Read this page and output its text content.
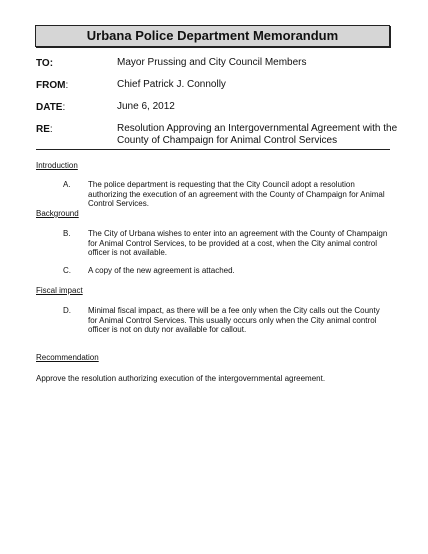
Urbana Police Department Memorandum
TO:	Mayor Prussing and City Council Members
FROM:	Chief Patrick J. Connolly
DATE:	June 6, 2012
RE:	Resolution Approving an Intergovernmental Agreement with the
County of Champaign for Animal Control Services
Introduction
A. The police department is requesting that the City Council adopt a resolution authorizing the execution of an agreement with the County of Champaign for Animal Control Services.
Background
B. The City of Urbana wishes to enter into an agreement with the County of Champaign for Animal Control Services, to be provided at a cost, when the City animal control officer is not available.
C. A copy of the new agreement is attached.
Fiscal impact
D. Minimal fiscal impact, as there will be a fee only when the City calls out the County for Animal Control Services. This usually occurs only when the City animal control officer is not on duty nor available for callout.
Recommendation
Approve the resolution authorizing execution of the intergovernmental agreement.
